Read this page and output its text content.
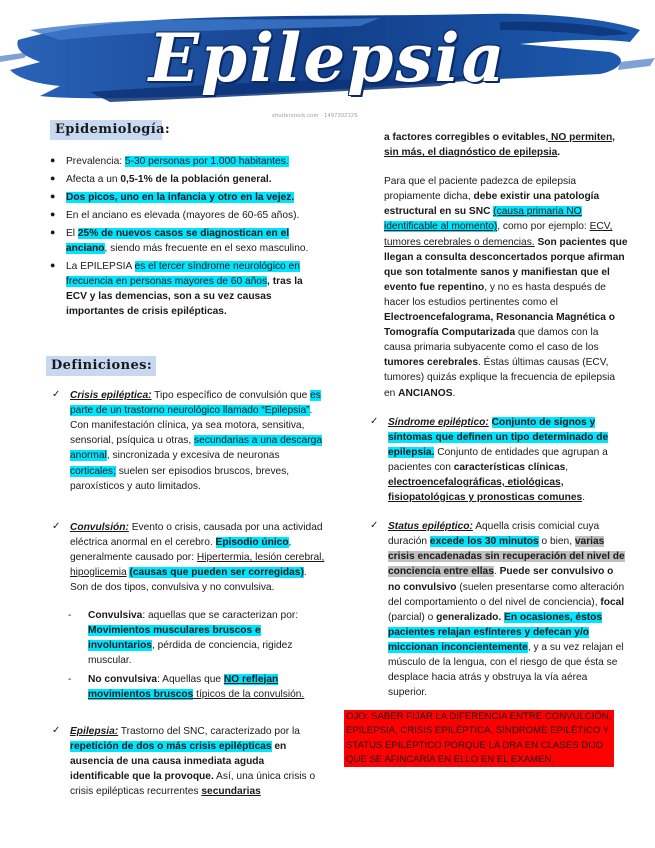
Epilepsia
shutterstock.com · 1497202125
Epidemiología:
● Prevalencia: 5-30 personas por 1.000 habitantes.
● Afecta a un 0,5-1% de la población general.
● Dos picos, uno en la infancia y otro en la vejez.
● En el anciano es elevada (mayores de 60-65 años).
● El 25% de nuevos casos se diagnostican en el anciano, siendo más frecuente en el sexo masculino.
● La EPILEPSIA es el tercer síndrome neurológico en frecuencia en personas mayores de 60 años, tras la ECV y las demencias, son a su vez causas importantes de crisis epilépticas.
Definiciones:
✓ Crisis epiléptica: Tipo específico de convulsión que es parte de un trastorno neurológico llamado “Epilepsia”. Con manifestación clínica, ya sea motora, sensitiva, sensorial, psíquica u otras, secundarias a una descarga anormal, sincronizada y excesiva de neuronas corticales; suelen ser episodios bruscos, breves, paroxísticos y auto limitados.
✓ Convulsión: Evento o crisis, causada por una actividad eléctrica anormal en el cerebro. Episodio único, generalmente causado por: Hipertermia, lesión cerebral, hipoglicemia (causas que pueden ser corregidas). Son de dos tipos, convulsiva y no convulsiva.
- Convulsiva: aquellas que se caracterizan por: Movimientos musculares bruscos e involuntarios, pérdida de conciencia, rigidez muscular.
- No convulsiva: Aquellas que NO reflejan movimientos bruscos típicos de la convulsión.
✓ Epilepsia: Trastorno del SNC, caracterizado por la repetición de dos o más crisis epilépticas en ausencia de una causa inmediata aguda identificable que la provoque. Así, una única crisis o crisis epilépticas recurrentes secundarias
a factores corregibles o evitables, NO permiten, sin más, el diagnóstico de epilepsia.
Para que el paciente padezca de epilepsia propiamente dicha, debe existir una patología estructural en su SNC (causa primaria NO identificable al momento), como por ejemplo: ECV, tumores cerebrales o demencias. Son pacientes que llegan a consulta desconcertados porque afirman que son totalmente sanos y manifiestan que el evento fue repentino, y no es hasta después de hacer los estudios pertinentes como el Electroencefalograma, Resonancia Magnética o Tomografía Computarizada que damos con la causa primaria subyacente como el caso de los tumores cerebrales. Éstas últimas causas (ECV, tumores) quizás explique la frecuencia de epilepsia en ANCIANOS.
✓ Síndrome epiléptico: Conjunto de signos y síntomas que definen un tipo determinado de epilepsia. Conjunto de entidades que agrupan a pacientes con características clínicas, electroencefalográficas, etiológicas, fisiopatológicas y pronosticas comunes.
✓ Status epiléptico: Aquella crisis comicial cuya duración excede los 30 minutos o bien, varias crisis encadenadas sin recuperación del nivel de conciencia entre ellas. Puede ser convulsivo o no convulsivo (suelen presentarse como alteración del comportamiento o del nivel de conciencia), focal (parcial) o generalizado. En ocasiones, éstos pacientes relajan esfínteres y defecan y/o miccionan inconcientemente, y a su vez relajan el músculo de la lengua, con el riesgo de que ésta se desplace hacia atrás y obstruya la vía aérea superior.
OJO: SABER FIJAR LA DIFERENCIA ENTRE CONVULCIÓN, EPILEPSIA, CRISIS EPILÉPTICA, SÍNDROME EPILÉTICO Y STATUS EPILÉPTICO PORQUE LA DRA EN CLASES DIJO QUE SE AFINCARÍA EN ELLO EN EL EXAMEN.
